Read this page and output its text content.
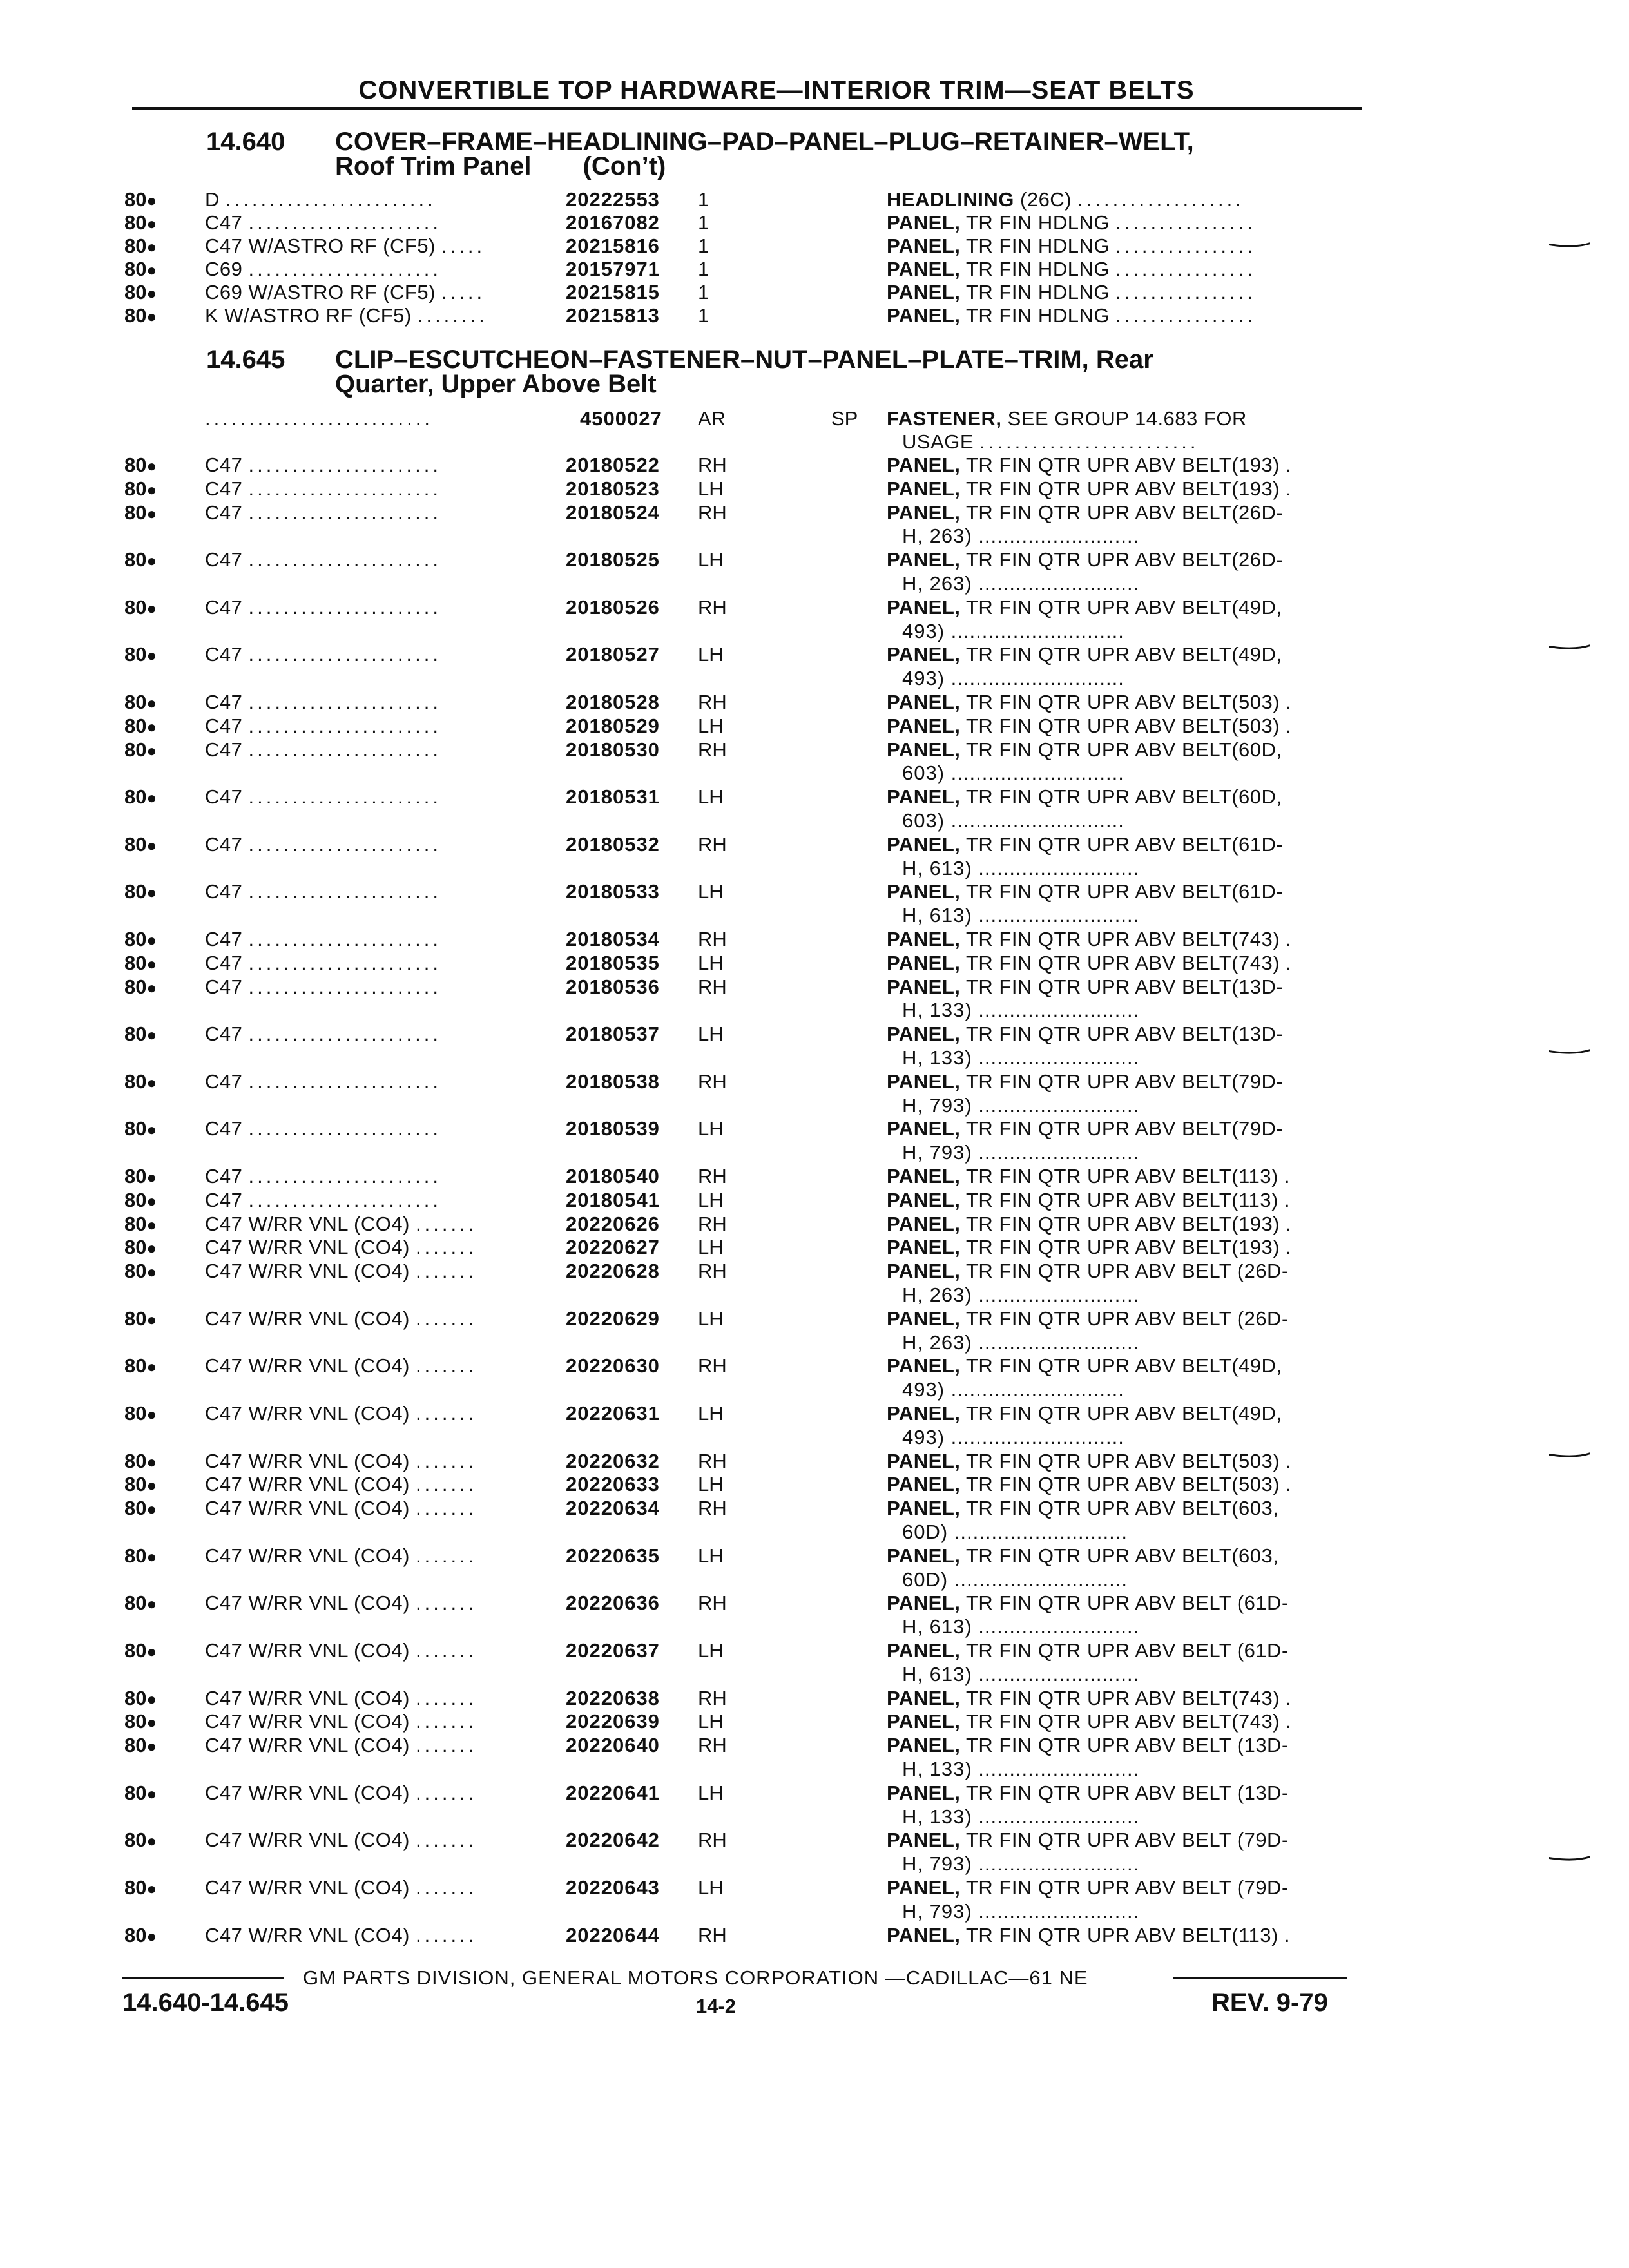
CONVERTIBLE TOP HARDWARE—INTERIOR TRIM—SEAT BELTS
14.640 COVER–FRAME–HEADLINING–PAD–PANEL–PLUG–RETAINER–WELT,
Roof Trim Panel (Con’t)
80● D ........................	20222553 1	HEADLINING (26C) ...................
80● C47 ......................	20167082 1	PANEL, TR FIN HDLNG ................
80● C47 W/ASTRO RF (CF5) .....	20215816 1	PANEL, TR FIN HDLNG ................
80● C69 ......................	20157971 1	PANEL, TR FIN HDLNG ................
80● C69 W/ASTRO RF (CF5) .....	20215815 1	PANEL, TR FIN HDLNG ................
80● K W/ASTRO RF (CF5) ........	20215813 1	PANEL, TR FIN HDLNG ................
14.645 CLIP–ESCUTCHEON–FASTENER–NUT–PANEL–PLATE–TRIM, Rear
Quarter, Upper Above Belt
..........................	4500027 AR	SP FASTENER, SEE GROUP 14.683 FOR
USAGE .........................
80● C47 ......................	20180522 RH	PANEL, TR FIN QTR UPR ABV BELT(193) .
80● C47 ......................	20180523 LH	PANEL, TR FIN QTR UPR ABV BELT(193) .
80● C47 ......................	20180524 RH	PANEL, TR FIN QTR UPR ABV BELT(26D-
H, 263) ..........................
80● C47 ......................	20180525 LH	PANEL, TR FIN QTR UPR ABV BELT(26D-
H, 263) ..........................
80● C47 ......................	20180526 RH	PANEL, TR FIN QTR UPR ABV BELT(49D,
493) ............................
80● C47 ......................	20180527 LH	PANEL, TR FIN QTR UPR ABV BELT(49D,
493) ............................
80● C47 ......................	20180528 RH	PANEL, TR FIN QTR UPR ABV BELT(503) .
80● C47 ......................	20180529 LH	PANEL, TR FIN QTR UPR ABV BELT(503) .
80● C47 ......................	20180530 RH	PANEL, TR FIN QTR UPR ABV BELT(60D,
603) ............................
80● C47 ......................	20180531 LH	PANEL, TR FIN QTR UPR ABV BELT(60D,
603) ............................
80● C47 ......................	20180532 RH	PANEL, TR FIN QTR UPR ABV BELT(61D-
H, 613) ..........................
80● C47 ......................	20180533 LH	PANEL, TR FIN QTR UPR ABV BELT(61D-
H, 613) ..........................
80● C47 ......................	20180534 RH	PANEL, TR FIN QTR UPR ABV BELT(743) .
80● C47 ......................	20180535 LH	PANEL, TR FIN QTR UPR ABV BELT(743) .
80● C47 ......................	20180536 RH	PANEL, TR FIN QTR UPR ABV BELT(13D-
H, 133) ..........................
80● C47 ......................	20180537 LH	PANEL, TR FIN QTR UPR ABV BELT(13D-
H, 133) ..........................
80● C47 ......................	20180538 RH	PANEL, TR FIN QTR UPR ABV BELT(79D-
H, 793) ..........................
80● C47 ......................	20180539 LH	PANEL, TR FIN QTR UPR ABV BELT(79D-
H, 793) ..........................
80● C47 ......................	20180540 RH	PANEL, TR FIN QTR UPR ABV BELT(113) .
80● C47 ......................	20180541 LH	PANEL, TR FIN QTR UPR ABV BELT(113) .
80● C47 W/RR VNL (CO4) .......	20220626 RH	PANEL, TR FIN QTR UPR ABV BELT(193) .
80● C47 W/RR VNL (CO4) .......	20220627 LH	PANEL, TR FIN QTR UPR ABV BELT(193) .
80● C47 W/RR VNL (CO4) .......	20220628 RH	PANEL, TR FIN QTR UPR ABV BELT (26D-
H, 263) ..........................
80● C47 W/RR VNL (CO4) .......	20220629 LH	PANEL, TR FIN QTR UPR ABV BELT (26D-
H, 263) ..........................
80● C47 W/RR VNL (CO4) .......	20220630 RH	PANEL, TR FIN QTR UPR ABV BELT(49D,
493) ............................
80● C47 W/RR VNL (CO4) .......	20220631 LH	PANEL, TR FIN QTR UPR ABV BELT(49D,
493) ............................
80● C47 W/RR VNL (CO4) .......	20220632 RH	PANEL, TR FIN QTR UPR ABV BELT(503) .
80● C47 W/RR VNL (CO4) .......	20220633 LH	PANEL, TR FIN QTR UPR ABV BELT(503) .
80● C47 W/RR VNL (CO4) .......	20220634 RH	PANEL, TR FIN QTR UPR ABV BELT(603,
60D) ............................
80● C47 W/RR VNL (CO4) .......	20220635 LH	PANEL, TR FIN QTR UPR ABV BELT(603,
60D) ............................
80● C47 W/RR VNL (CO4) .......	20220636 RH	PANEL, TR FIN QTR UPR ABV BELT (61D-
H, 613) ..........................
80● C47 W/RR VNL (CO4) .......	20220637 LH	PANEL, TR FIN QTR UPR ABV BELT (61D-
H, 613) ..........................
80● C47 W/RR VNL (CO4) .......	20220638 RH	PANEL, TR FIN QTR UPR ABV BELT(743) .
80● C47 W/RR VNL (CO4) .......	20220639 LH	PANEL, TR FIN QTR UPR ABV BELT(743) .
80● C47 W/RR VNL (CO4) .......	20220640 RH	PANEL, TR FIN QTR UPR ABV BELT (13D-
H, 133) ..........................
80● C47 W/RR VNL (CO4) .......	20220641 LH	PANEL, TR FIN QTR UPR ABV BELT (13D-
H, 133) ..........................
80● C47 W/RR VNL (CO4) .......	20220642 RH	PANEL, TR FIN QTR UPR ABV BELT (79D-
H, 793) ..........................
80● C47 W/RR VNL (CO4) .......	20220643 LH	PANEL, TR FIN QTR UPR ABV BELT (79D-
H, 793) ..........................
80● C47 W/RR VNL (CO4) .......	20220644 RH	PANEL, TR FIN QTR UPR ABV BELT(113) .
GM PARTS DIVISION, GENERAL MOTORS CORPORATION —CADILLAC—61 NE
14.640-14.645	14-2	REV. 9-79
